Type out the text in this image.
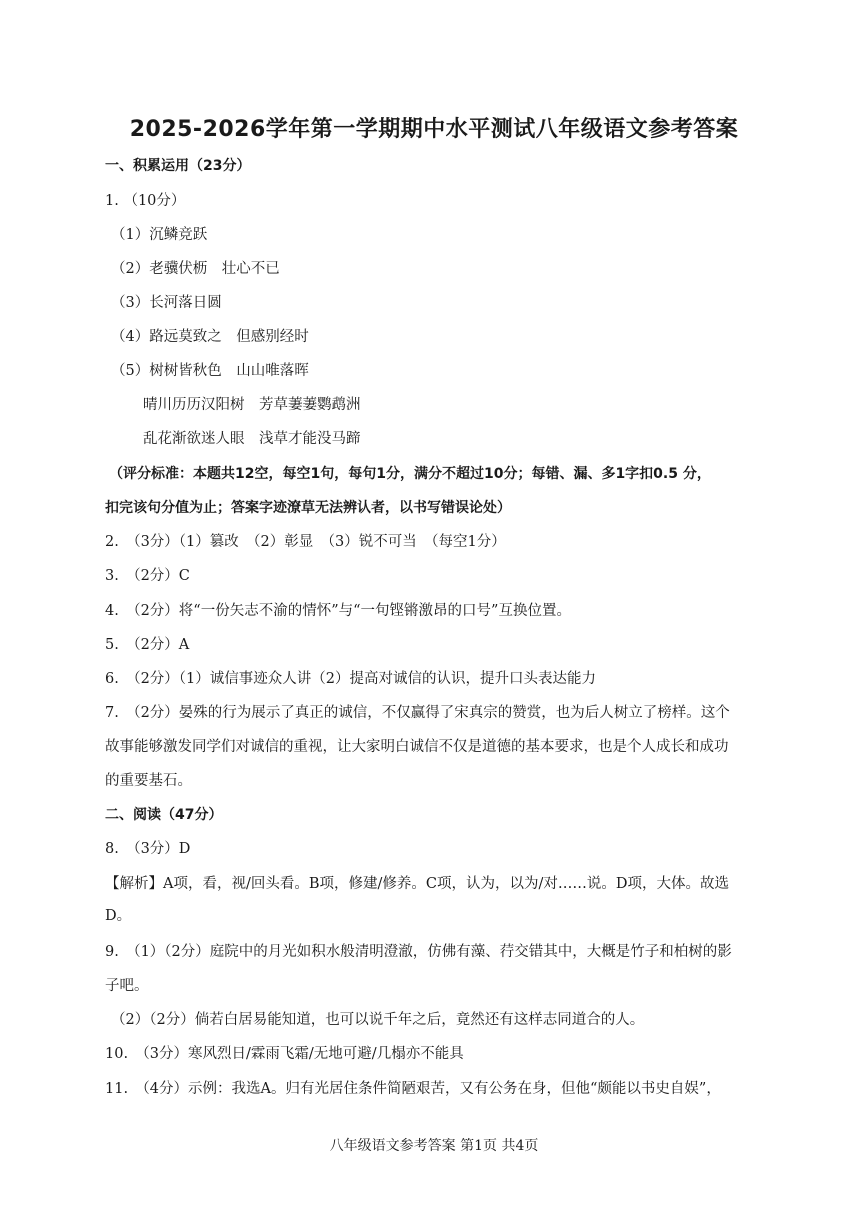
2025-2026学年第一学期期中水平测试八年级语文参考答案
一、积累运用（23分）
1. （10分）
（1）沉鳞竞跃
（2）老骥伏枥　壮心不已
（3）长河落日圆
（4）路远莫致之　但感别经时
（5）树树皆秋色　山山唯落晖
晴川历历汉阳树　芳草萋萋鹦鹉洲
乱花渐欲迷人眼　浅草才能没马蹄
（评分标准：本题共12空，每空1句，每句1分，满分不超过10分；每错、漏、多1字扣0.5 分，
扣完该句分值为止；答案字迹潦草无法辨认者，以书写错误论处）
2.　（3分）（1）篡改　（2）彰显　（3）锐不可当　（每空1分）
3.　（2分）C
4.　（2分）将“一份矢志不渝的情怀”与“一句铿锵激昂的口号”互换位置。
5.　（2分）A
6.　（2分）（1）诚信事迹众人讲（2）提高对诚信的认识，提升口头表达能力
7.　（2分）晏殊的行为展示了真正的诚信，不仅赢得了宋真宗的赞赏，也为后人树立了榜样。这个
故事能够激发同学们对诚信的重视，让大家明白诚信不仅是道德的基本要求，也是个人成长和成功
的重要基石。
二、阅读（47分）
8.　（3分）D
【解析】A项，看，视/回头看。B项，修建/修养。C项，认为，以为/对……说。D项，大体。故选
D。
9.　（1）（2分）庭院中的月光如积水般清明澄澈，仿佛有藻、荇交错其中，大概是竹子和柏树的影
子吧。
（2）（2分）倘若白居易能知道，也可以说千年之后，竟然还有这样志同道合的人。
10.　（3分）寒风烈日/霖雨飞霜/无地可避/几榻亦不能具
11.　（4分）示例：我选A。归有光居住条件简陋艰苦，又有公务在身，但他“颇能以书史自娱”，
八年级语文参考答案 第1页 共4页
